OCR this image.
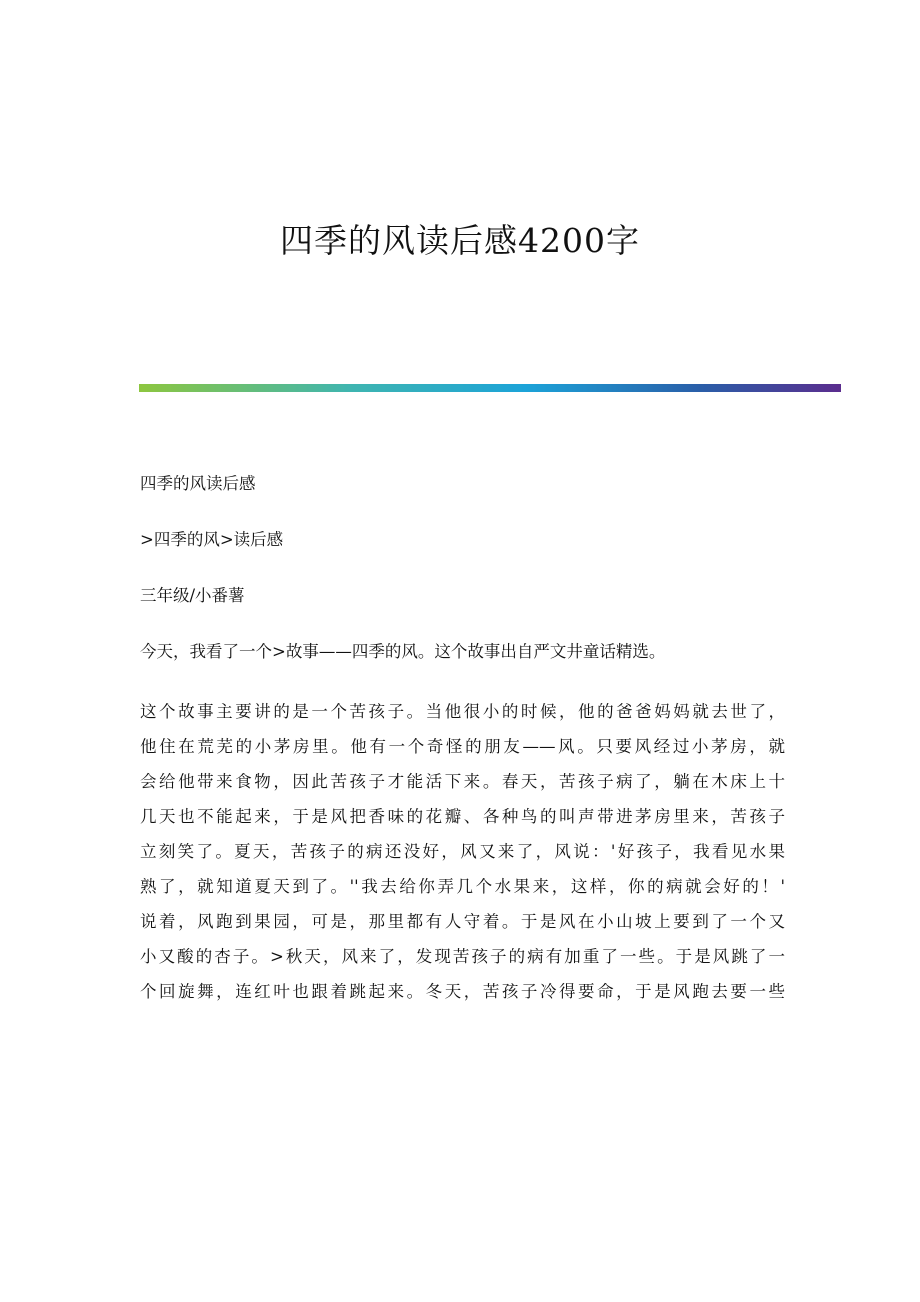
四季的风读后感4200字

四季的风读后感

>四季的风>读后感

三年级/小番薯

今天，我看了一个>故事——四季的风。这个故事出自严文井童话精选。

这个故事主要讲的是一个苦孩子。当他很小的时候，他的爸爸妈妈就去世了，
他住在荒芜的小茅房里。他有一个奇怪的朋友——风。只要风经过小茅房，就
会给他带来食物，因此苦孩子才能活下来。春天，苦孩子病了，躺在木床上十
几天也不能起来，于是风把香味的花瓣、各种鸟的叫声带进茅房里来，苦孩子
立刻笑了。夏天，苦孩子的病还没好，风又来了，风说：'好孩子，我看见水果
熟了，就知道夏天到了。''我去给你弄几个水果来，这样，你的病就会好的！'
说着，风跑到果园，可是，那里都有人守着。于是风在小山坡上要到了一个又
小又酸的杏子。>秋天，风来了，发现苦孩子的病有加重了一些。于是风跳了一
个回旋舞，连红叶也跟着跳起来。冬天，苦孩子冷得要命，于是风跑去要一些
